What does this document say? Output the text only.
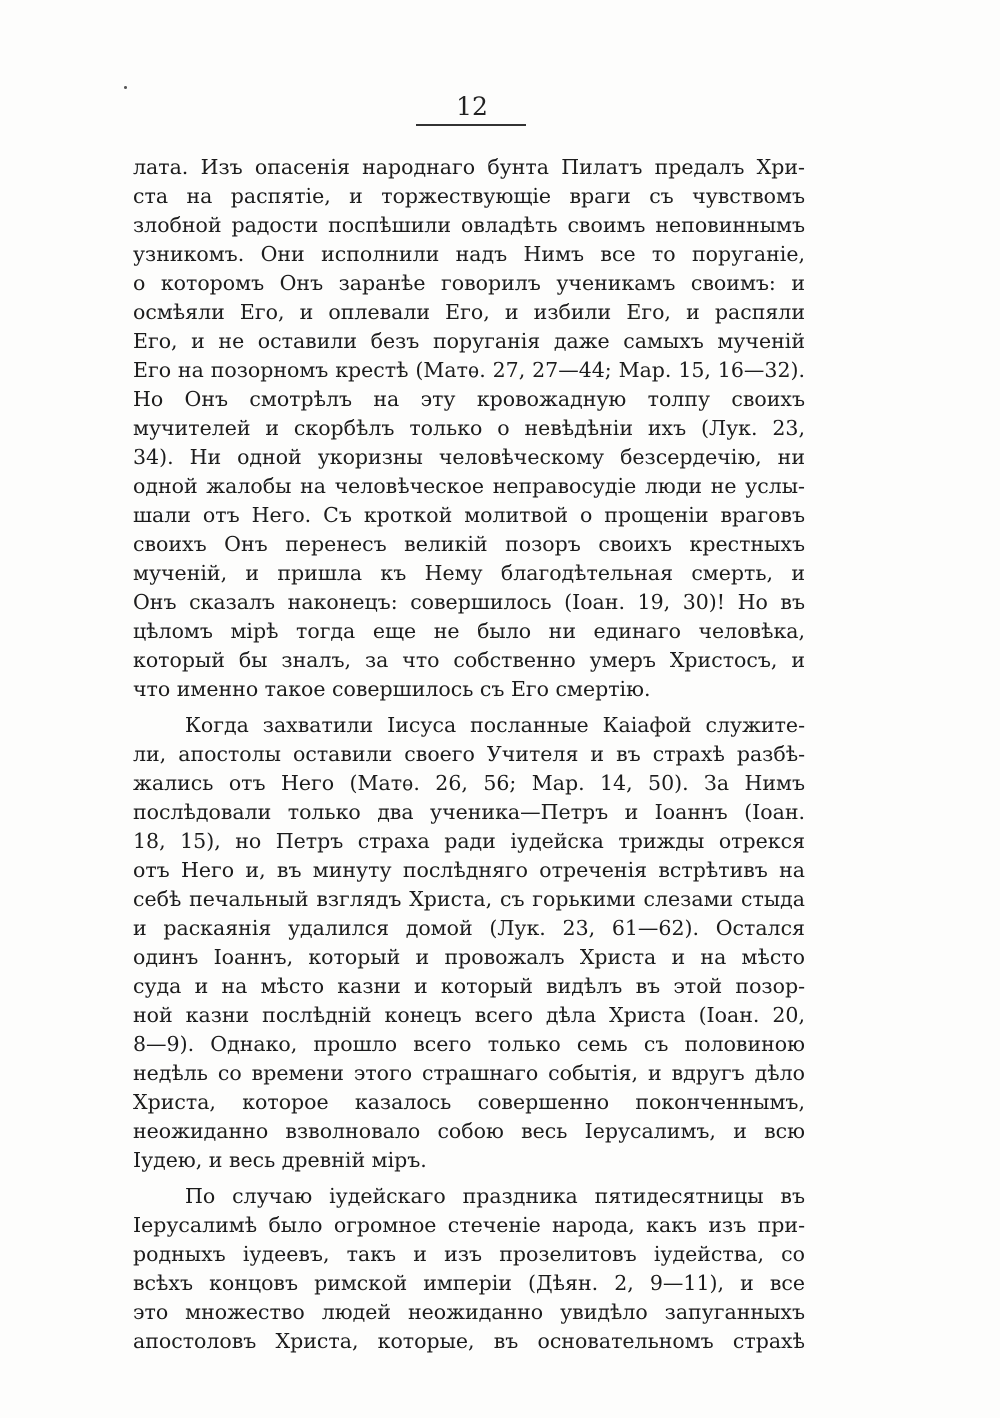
12
лата. Изъ опасенія народнаго бунта Пилатъ предалъ Хри-
ста на распятіе, и торжествующіе враги съ чувствомъ
злобной радости поспѣшили овладѣть своимъ неповиннымъ
узникомъ. Они исполнили надъ Нимъ все то поруганіе,
о которомъ Онъ заранѣе говорилъ ученикамъ своимъ: и
осмѣяли Его, и оплевали Его, и избили Его, и распяли
Его, и не оставили безъ поруганія даже самыхъ мученій
Его на позорномъ крестѣ (Матѳ. 27, 27—44; Мар. 15, 16—32).
Но Онъ смотрѣлъ на эту кровожадную толпу своихъ
мучителей и скорбѣлъ только о невѣдѣніи ихъ (Лук. 23,
34). Ни одной укоризны человѣческому безсердечію, ни
одной жалобы на человѣческое неправосудіе люди не услы-
шали отъ Него. Съ кроткой молитвой о прощеніи враговъ
своихъ Онъ перенесъ великій позоръ своихъ крестныхъ
мученій, и пришла къ Нему благодѣтельная смерть, и
Онъ сказалъ наконецъ: совершилось (Іоан. 19, 30)! Но въ
цѣломъ мірѣ тогда еще не было ни единаго человѣка,
который бы зналъ, за что собственно умеръ Христосъ, и
что именно такое совершилось съ Его смертію.
Когда захватили Іисуса посланные Каіафой служите-
ли, апостолы оставили своего Учителя и въ страхѣ разбѣ-
жались отъ Него (Матѳ. 26, 56; Мар. 14, 50). За Нимъ
послѣдовали только два ученика—Петръ и Іоаннъ (Іоан.
18, 15), но Петръ страха ради іудейска трижды отрекся
отъ Него и, въ минуту послѣдняго отреченія встрѣтивъ на
себѣ печальный взглядъ Христа, съ горькими слезами стыда
и раскаянія удалился домой (Лук. 23, 61—62). Остался
одинъ Іоаннъ, который и провожалъ Христа и на мѣсто
суда и на мѣсто казни и который видѣлъ въ этой позор-
ной казни послѣдній конецъ всего дѣла Христа (Іоан. 20,
8—9). Однако, прошло всего только семь съ половиною
недѣль со времени этого страшнаго событія, и вдругъ дѣло
Христа, которое казалось совершенно поконченнымъ,
неожиданно взволновало собою весь Іерусалимъ, и всю
Іудею, и весь древній міръ.
По случаю іудейскаго праздника пятидесятницы въ
Іерусалимѣ было огромное стеченіе народа, какъ изъ при-
родныхъ іудеевъ, такъ и изъ прозелитовъ іудейства, со
всѣхъ концовъ римской имперіи (Дѣян. 2, 9—11), и все
это множество людей неожиданно увидѣло запуганныхъ
апостоловъ Христа, которые, въ основательномъ страхѣ
